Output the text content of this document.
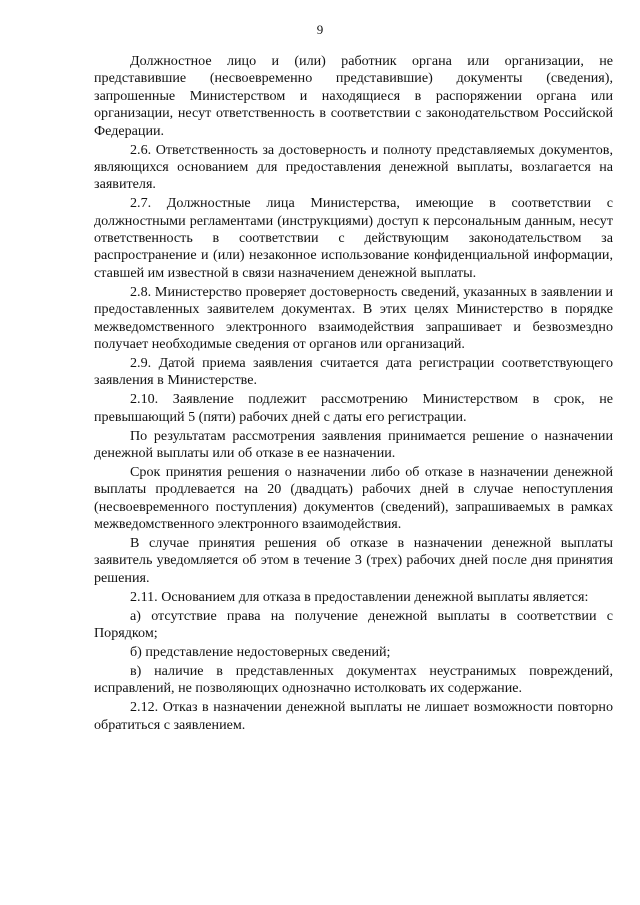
9

Должностное лицо и (или) работник органа или организации, не представившие (несвоевременно представившие) документы (сведения), запрошенные Министерством и находящиеся в распоряжении органа или организации, несут ответственность в соответствии с законодательством Российской Федерации.

2.6. Ответственность за достоверность и полноту представляемых документов, являющихся основанием для предоставления денежной выплаты, возлагается на заявителя.

2.7. Должностные лица Министерства, имеющие в соответствии с должностными регламентами (инструкциями) доступ к персональным данным, несут ответственность в соответствии с действующим законодательством за распространение и (или) незаконное использование конфиденциальной информации, ставшей им известной в связи назначением денежной выплаты.

2.8. Министерство проверяет достоверность сведений, указанных в заявлении и предоставленных заявителем документах. В этих целях Министерство в порядке межведомственного электронного взаимодействия запрашивает и безвозмездно получает необходимые сведения от органов или организаций.

2.9. Датой приема заявления считается дата регистрации соответствующего заявления в Министерстве.

2.10. Заявление подлежит рассмотрению Министерством в срок, не превышающий 5 (пяти) рабочих дней с даты его регистрации.

По результатам рассмотрения заявления принимается решение о назначении денежной выплаты или об отказе в ее назначении.

Срок принятия решения о назначении либо об отказе в назначении денежной выплаты продлевается на 20 (двадцать) рабочих дней в случае непоступления (несвоевременного поступления) документов (сведений), запрашиваемых в рамках межведомственного электронного взаимодействия.

В случае принятия решения об отказе в назначении денежной выплаты заявитель уведомляется об этом в течение 3 (трех) рабочих дней после дня принятия решения.

2.11. Основанием для отказа в предоставлении денежной выплаты является:

а) отсутствие права на получение денежной выплаты в соответствии с Порядком;

б) представление недостоверных сведений;

в) наличие в представленных документах неустранимых повреждений, исправлений, не позволяющих однозначно истолковать их содержание.

2.12. Отказ в назначении денежной выплаты не лишает возможности повторно обратиться с заявлением.
